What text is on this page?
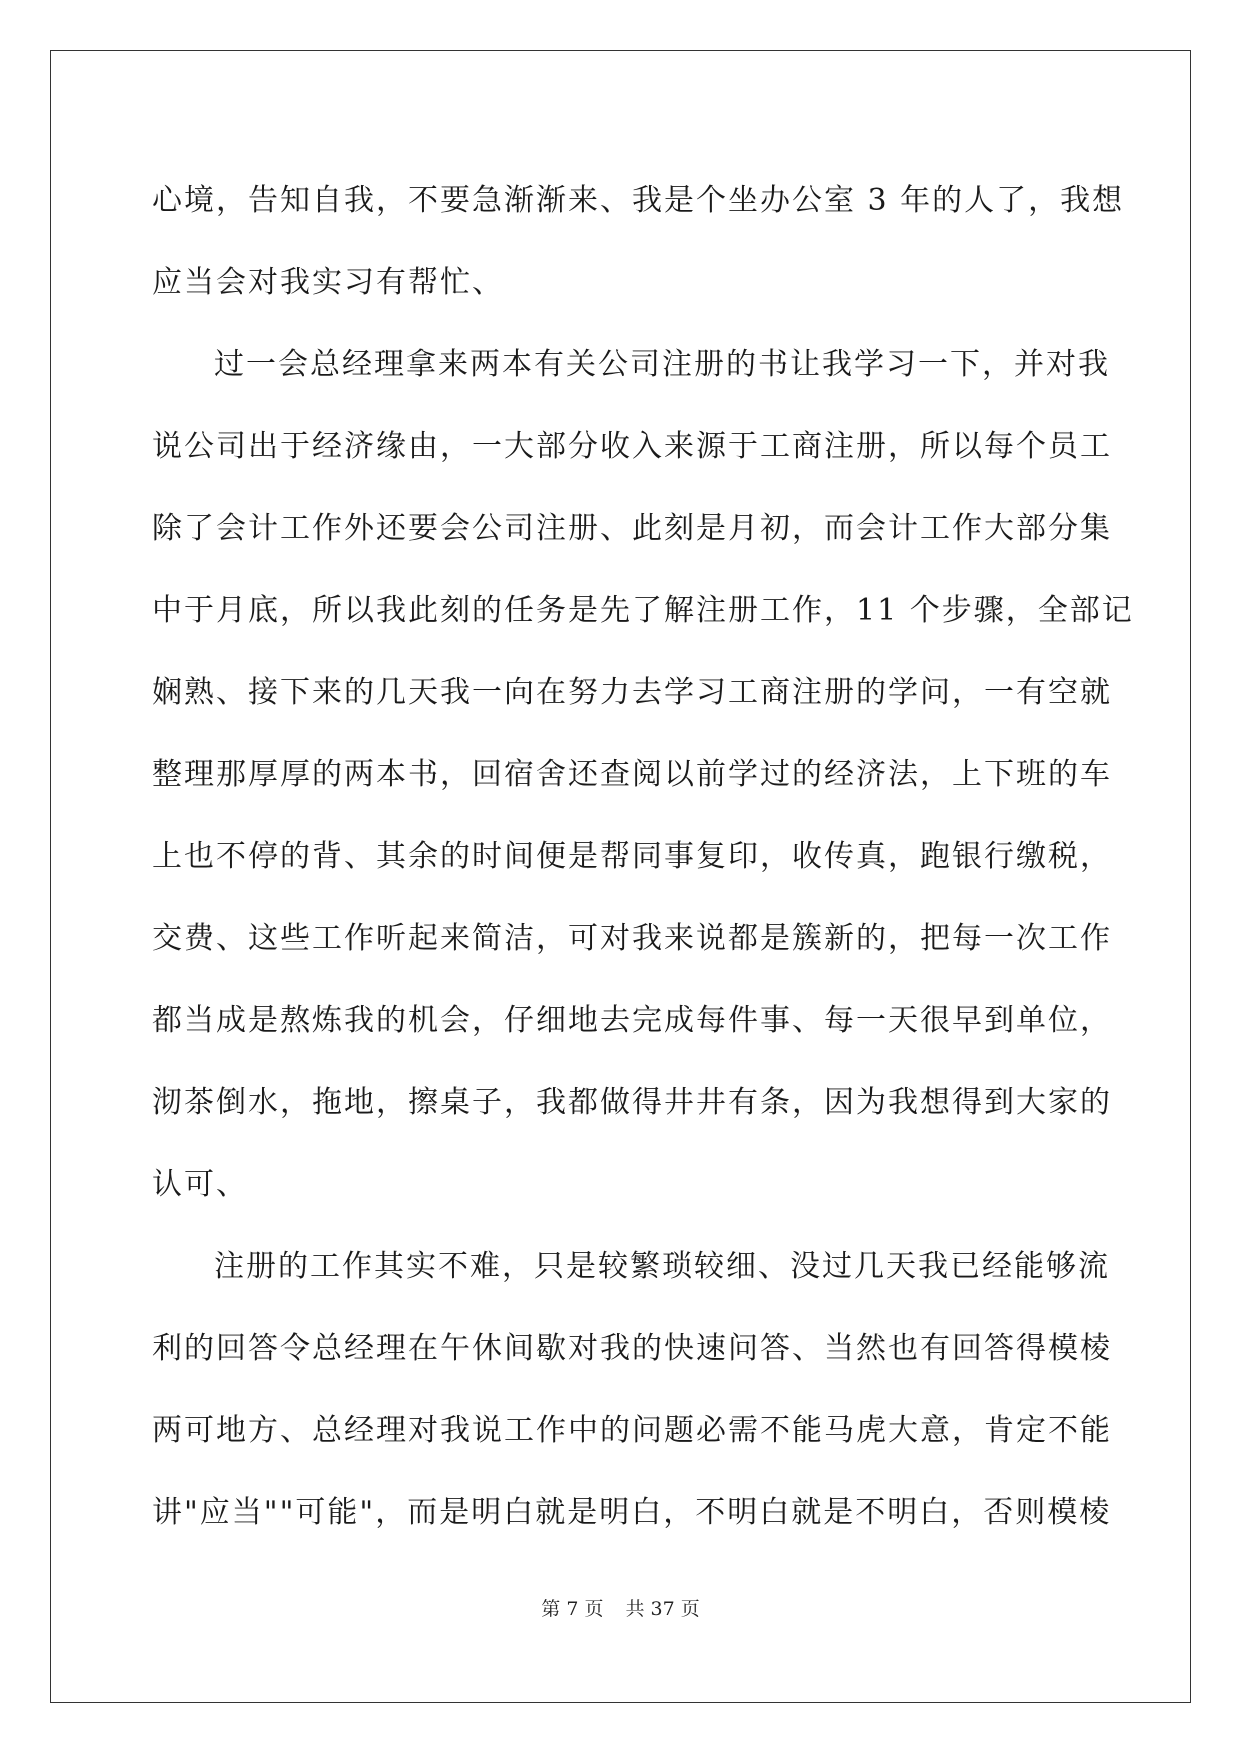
心境，告知自我，不要急渐渐来、我是个坐办公室 3 年的人了，我想
应当会对我实习有帮忙、
过一会总经理拿来两本有关公司注册的书让我学习一下，并对我
说公司出于经济缘由，一大部分收入来源于工商注册，所以每个员工
除了会计工作外还要会公司注册、此刻是月初，而会计工作大部分集
中于月底，所以我此刻的任务是先了解注册工作，11 个步骤，全部记
娴熟、接下来的几天我一向在努力去学习工商注册的学问，一有空就
整理那厚厚的两本书，回宿舍还查阅以前学过的经济法，上下班的车
上也不停的背、其余的时间便是帮同事复印，收传真，跑银行缴税，
交费、这些工作听起来简洁，可对我来说都是簇新的，把每一次工作
都当成是熬炼我的机会，仔细地去完成每件事、每一天很早到单位，
沏茶倒水，拖地，擦桌子，我都做得井井有条，因为我想得到大家的
认可、
注册的工作其实不难，只是较繁琐较细、没过几天我已经能够流
利的回答令总经理在午休间歇对我的快速问答、当然也有回答得模棱
两可地方、总经理对我说工作中的问题必需不能马虎大意，肯定不能
讲"应当""可能"，而是明白就是明白，不明白就是不明白，否则模棱
第 7 页 共 37 页
